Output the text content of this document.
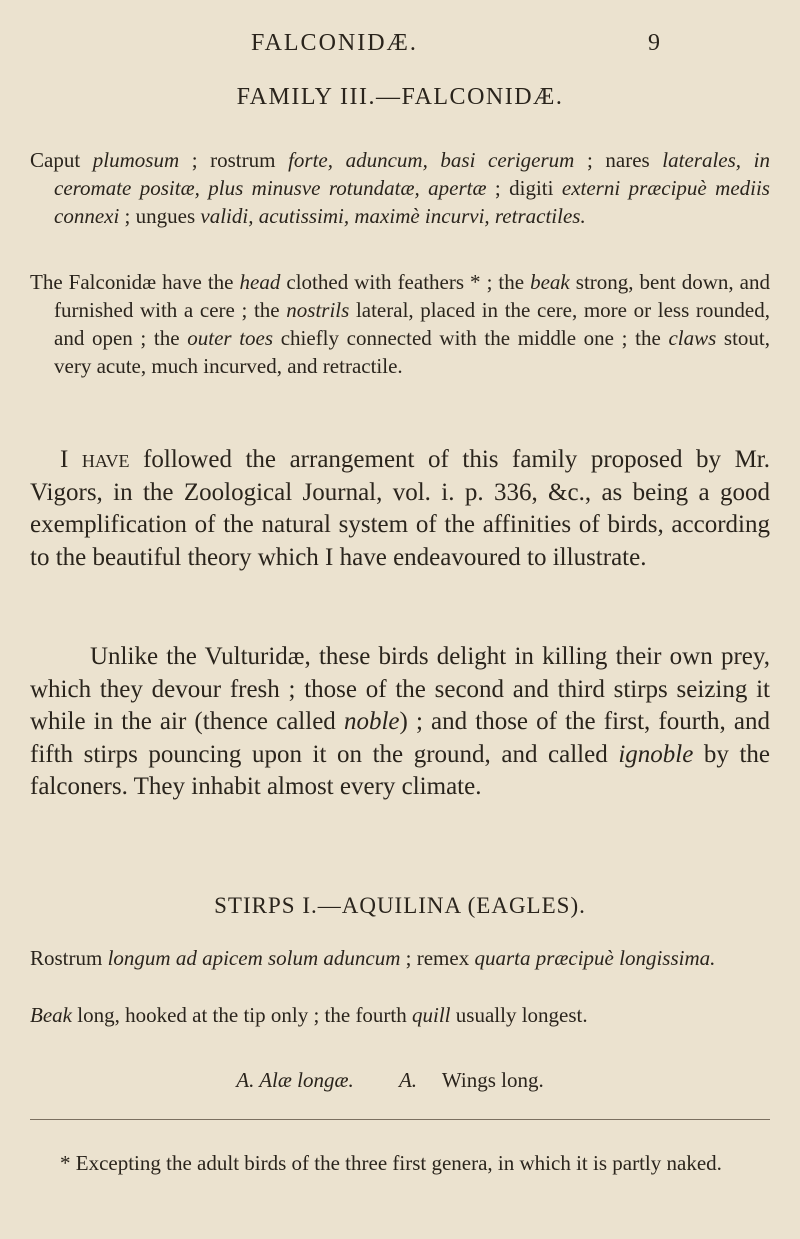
FALCONIDÆ.	9
FAMILY III.—FALCONIDÆ.

Caput plumosum ; rostrum forte, aduncum, basi cerigerum ; nares laterales, in ceromate positæ, plus minusve rotundatæ, apertæ ; digiti externi præcipuè mediis connexi ; ungues validi, acutissimi, maximè incurvi, retractiles.

The Falconidæ have the head clothed with feathers * ; the beak strong, bent down, and furnished with a cere ; the nostrils lateral, placed in the cere, more or less rounded, and open ; the outer toes chiefly connected with the middle one ; the claws stout, very acute, much incurved, and retractile.

I have followed the arrangement of this family proposed by Mr. Vigors, in the Zoological Journal, vol. i. p. 336, &c., as being a good exemplification of the natural system of the affinities of birds, according to the beautiful theory which I have endeavoured to illustrate.

Unlike the Vulturidæ, these birds delight in killing their own prey, which they devour fresh ; those of the second and third stirps seizing it while in the air (thence called noble) ; and those of the first, fourth, and fifth stirps pouncing upon it on the ground, and called ignoble by the falconers. They inhabit almost every climate.

STIRPS I.—AQUILINA (EAGLES).

Rostrum longum ad apicem solum aduncum ; remex quarta præcipuè longissima.

Beak long, hooked at the tip only ; the fourth quill usually longest.

A. Alæ longæ. A. Wings long.

* Excepting the adult birds of the three first genera, in which it is partly naked.
